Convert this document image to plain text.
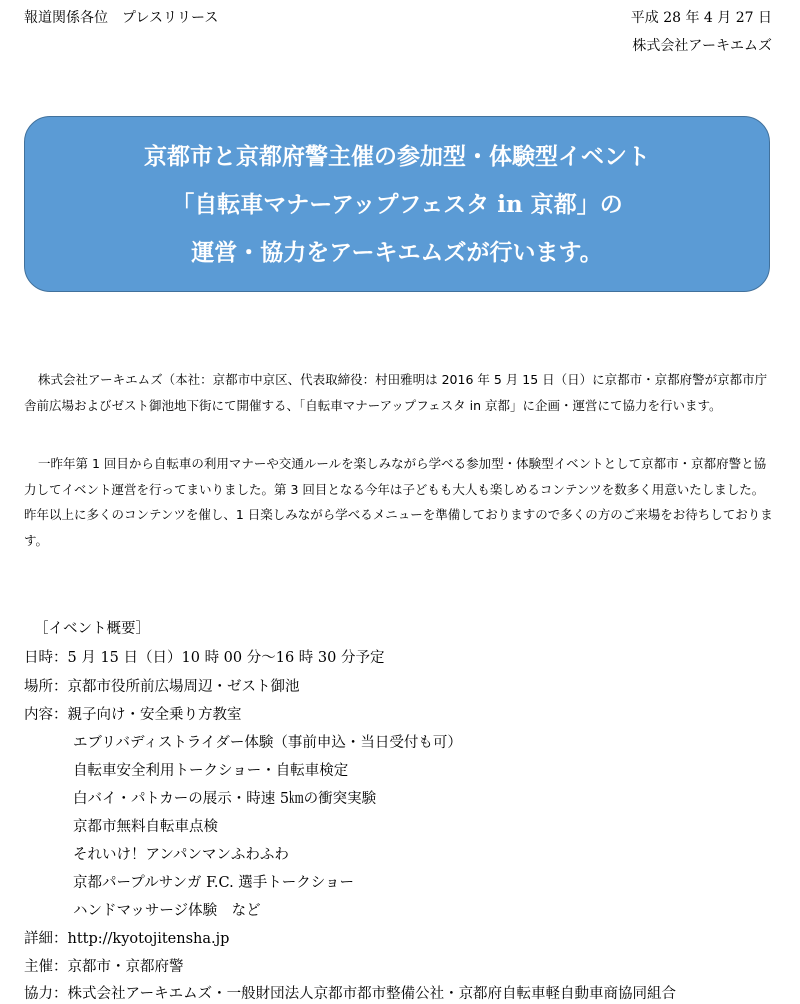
報道関係各位　プレスリリース	平成 28 年 4 月 27 日
株式会社アーキエムズ
京都市と京都府警主催の参加型・体験型イベント
「自転車マナーアップフェスタ in 京都」の
運営・協力をアーキエムズが行います。
株式会社アーキエムズ（本社：京都市中京区、代表取締役：村田雅明は 2016 年 5 月 15 日（日）に京都市・京都府警が京都市庁舎前広場およびゼスト御池地下街にて開催する、「自転車マナーアップフェスタ in 京都」に企画・運営にて協力を行います。
一昨年第 1 回目から自転車の利用マナーや交通ルールを楽しみながら学べる参加型・体験型イベントとして京都市・京都府警と協力してイベント運営を行ってまいりました。第 3 回目となる今年は子どもも大人も楽しめるコンテンツを数多く用意いたしました。昨年以上に多くのコンテンツを催し、1 日楽しみながら学べるメニューを準備しておりますので多くの方のご来場をお待ちしております。
［イベント概要］
日時：5 月 15 日（日）10 時 00 分～16 時 30 分予定
場所：京都市役所前広場周辺・ゼスト御池
内容：親子向け・安全乗り方教室
エブリバディストライダー体験（事前申込・当日受付も可）
自転車安全利用トークショー・自転車検定
白バイ・パトカーの展示・時速 5㎞の衝突実験
京都市無料自転車点検
それいけ！アンパンマンふわふわ
京都パープルサンガ F.C. 選手トークショー
ハンドマッサージ体験　など
詳細：http://kyotojitensha.jp
主催：京都市・京都府警
協力：株式会社アーキエムズ・一般財団法人京都市都市整備公社・京都府自転車軽自動車商協同組合
